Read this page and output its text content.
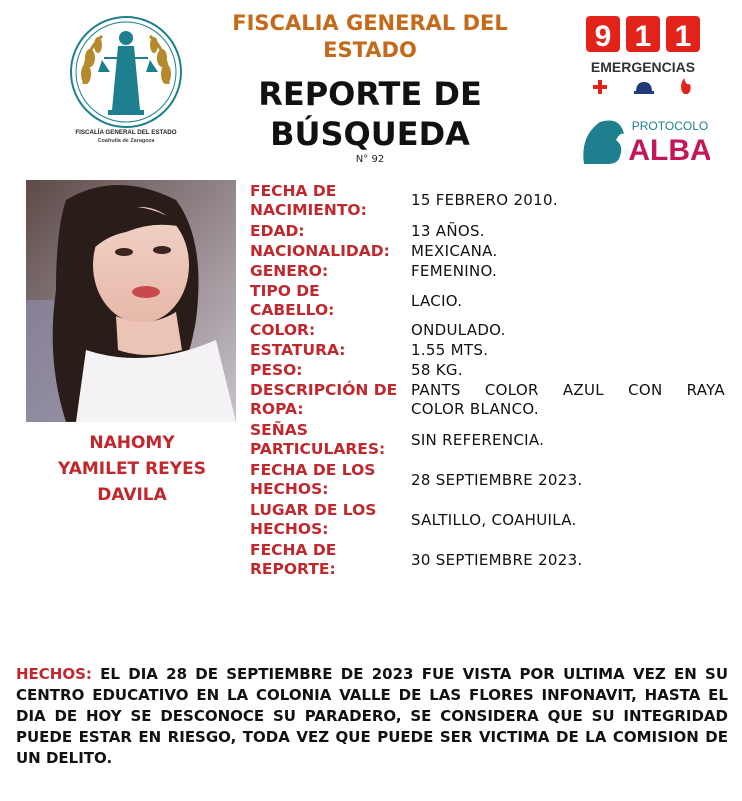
FISCALÍA GENERAL DEL ESTADO
Coahuila de Zaragoza
FISCALIA GENERAL DEL
ESTADO
REPORTE DE
BÚSQUEDA
N° 92
9 1 1
EMERGENCIAS
PROTOCOLO
ALBA
NAHOMY
YAMILET REYES
DAVILA
FECHA DE
NACIMIENTO:
15 FEBRERO 2010.
EDAD:	13 AÑOS.
NACIONALIDAD:	MEXICANA.
GENERO:	FEMENINO.
TIPO DE
CABELLO:	LACIO.
COLOR:	ONDULADO.
ESTATURA:	1.55 MTS.
PESO:	58 KG.
DESCRIPCIÓN DE
ROPA:
PANTS COLOR AZUL CON RAYA
COLOR BLANCO.
SEÑAS
PARTICULARES:	SIN REFERENCIA.
FECHA DE LOS
HECHOS:	28 SEPTIEMBRE 2023.
LUGAR DE LOS
HECHOS:	SALTILLO, COAHUILA.
FECHA DE
REPORTE:	30 SEPTIEMBRE 2023.
HECHOS: EL DIA 28 DE SEPTIEMBRE DE 2023 FUE VISTA POR ULTIMA VEZ EN SU CENTRO EDUCATIVO EN LA COLONIA VALLE DE LAS FLORES INFONAVIT, HASTA EL DIA DE HOY SE DESCONOCE SU PARADERO, SE CONSIDERA QUE SU INTEGRIDAD PUEDE ESTAR EN RIESGO, TODA VEZ QUE PUEDE SER VICTIMA DE LA COMISION DE UN DELITO.
